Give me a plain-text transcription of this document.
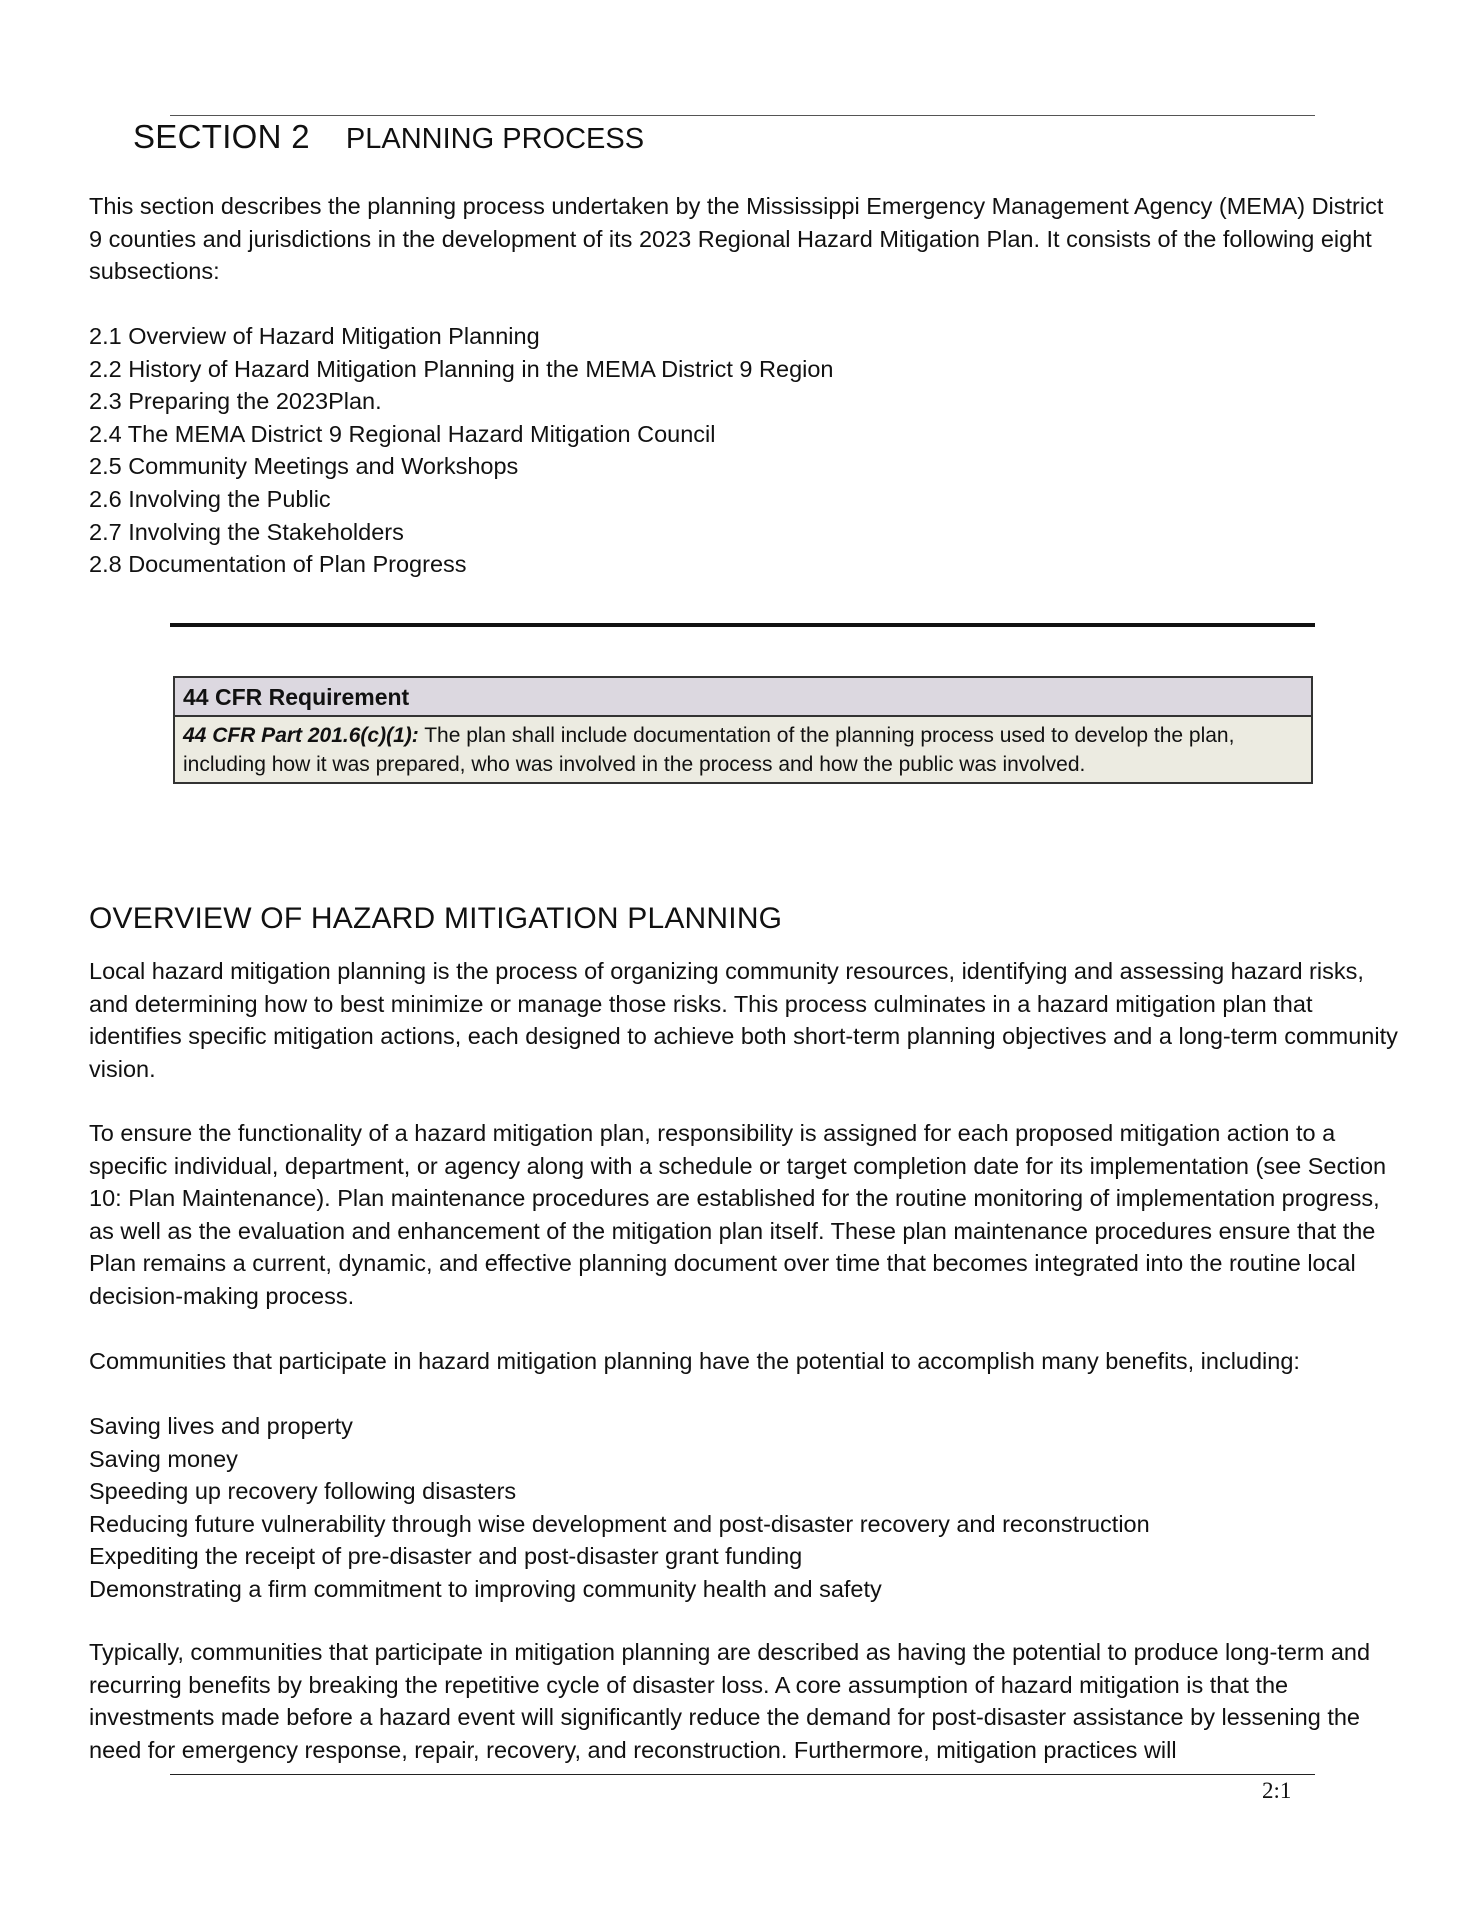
SECTION 2 PLANNING PROCESS

This section describes the planning process undertaken by the Mississippi Emergency Management Agency (MEMA) District 9 counties and jurisdictions in the development of its 2023 Regional Hazard Mitigation Plan. It consists of the following eight subsections:

2.1 Overview of Hazard Mitigation Planning
2.2 History of Hazard Mitigation Planning in the MEMA District 9 Region
2.3 Preparing the 2023Plan.
2.4 The MEMA District 9 Regional Hazard Mitigation Council
2.5 Community Meetings and Workshops
2.6 Involving the Public
2.7 Involving the Stakeholders
2.8 Documentation of Plan Progress
44 CFR Requirement
44 CFR Part 201.6(c)(1): The plan shall include documentation of the planning process used to develop the plan, including how it was prepared, who was involved in the process and how the public was involved.
OVERVIEW OF HAZARD MITIGATION PLANNING

Local hazard mitigation planning is the process of organizing community resources, identifying and assessing hazard risks, and determining how to best minimize or manage those risks. This process culminates in a hazard mitigation plan that identifies specific mitigation actions, each designed to achieve both short-term planning objectives and a long-term community vision.

To ensure the functionality of a hazard mitigation plan, responsibility is assigned for each proposed mitigation action to a specific individual, department, or agency along with a schedule or target completion date for its implementation (see Section 10: Plan Maintenance). Plan maintenance procedures are established for the routine monitoring of implementation progress, as well as the evaluation and enhancement of the mitigation plan itself. These plan maintenance procedures ensure that the Plan remains a current, dynamic, and effective planning document over time that becomes integrated into the routine local decision-making process.

Communities that participate in hazard mitigation planning have the potential to accomplish many benefits, including:

Saving lives and property
Saving money
Speeding up recovery following disasters
Reducing future vulnerability through wise development and post-disaster recovery and reconstruction
Expediting the receipt of pre-disaster and post-disaster grant funding
Demonstrating a firm commitment to improving community health and safety

Typically, communities that participate in mitigation planning are described as having the potential to produce long-term and recurring benefits by breaking the repetitive cycle of disaster loss. A core assumption of hazard mitigation is that the investments made before a hazard event will significantly reduce the demand for post-disaster assistance by lessening the need for emergency response, repair, recovery, and reconstruction. Furthermore, mitigation practices will

2:1
